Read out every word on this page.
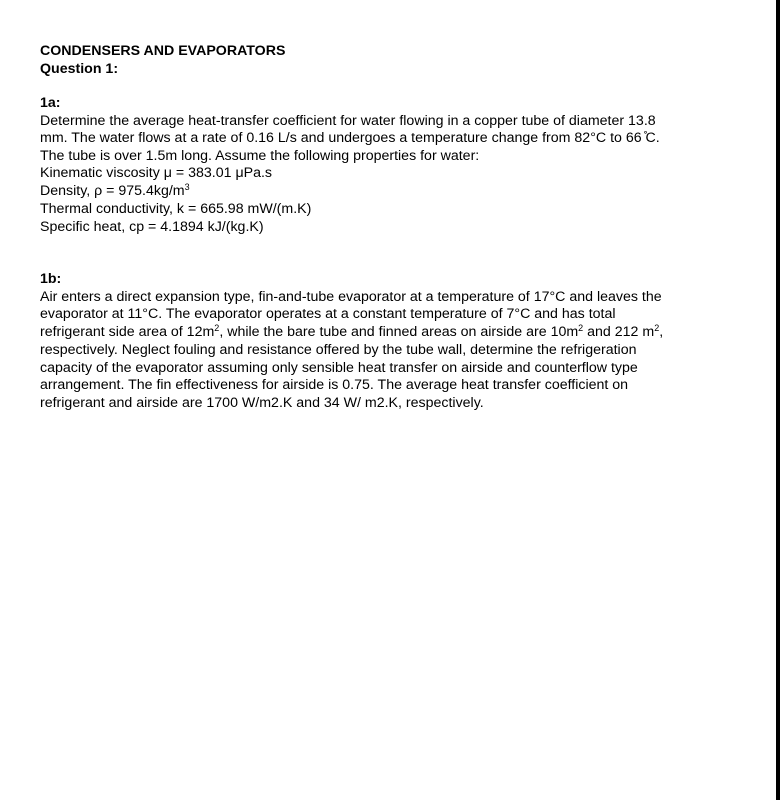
CONDENSERS AND EVAPORATORS

Question 1:

1a:

Determine the average heat-transfer coefficient for water flowing in a copper tube of diameter 13.8

mm. The water flows at a rate of 0.16 L/s and undergoes a temperature change from 82°C to 66 ̊C.

The tube is over 1.5m long. Assume the following properties for water:

Kinematic viscosity μ = 383.01 μPa.s

Density, $\rho = 975.4kg/m^3$

Thermal conductivity, k = 665.98 mW/(m.K)

Specific heat, cp = 4.1894 kJ/(kg.K)

1b:

Air enters a direct expansion type, fin-and-tube evaporator at a temperature of 17°C and leaves the

evaporator at 11°C. The evaporator operates at a constant temperature of 7°C and has total

refrigerant side area of $12m^2$, while the bare tube and finned areas on airside are $10m^2$ and 212 $m^2$,

respectively. Neglect fouling and resistance offered by the tube wall, determine the refrigeration

capacity of the evaporator assuming only sensible heat transfer on airside and counterflow type

arrangement. The fin effectiveness for airside is 0.75. The average heat transfer coefficient on

refrigerant and airside are 1700 W/m2.K and 34 W/ m2.K, respectively.
